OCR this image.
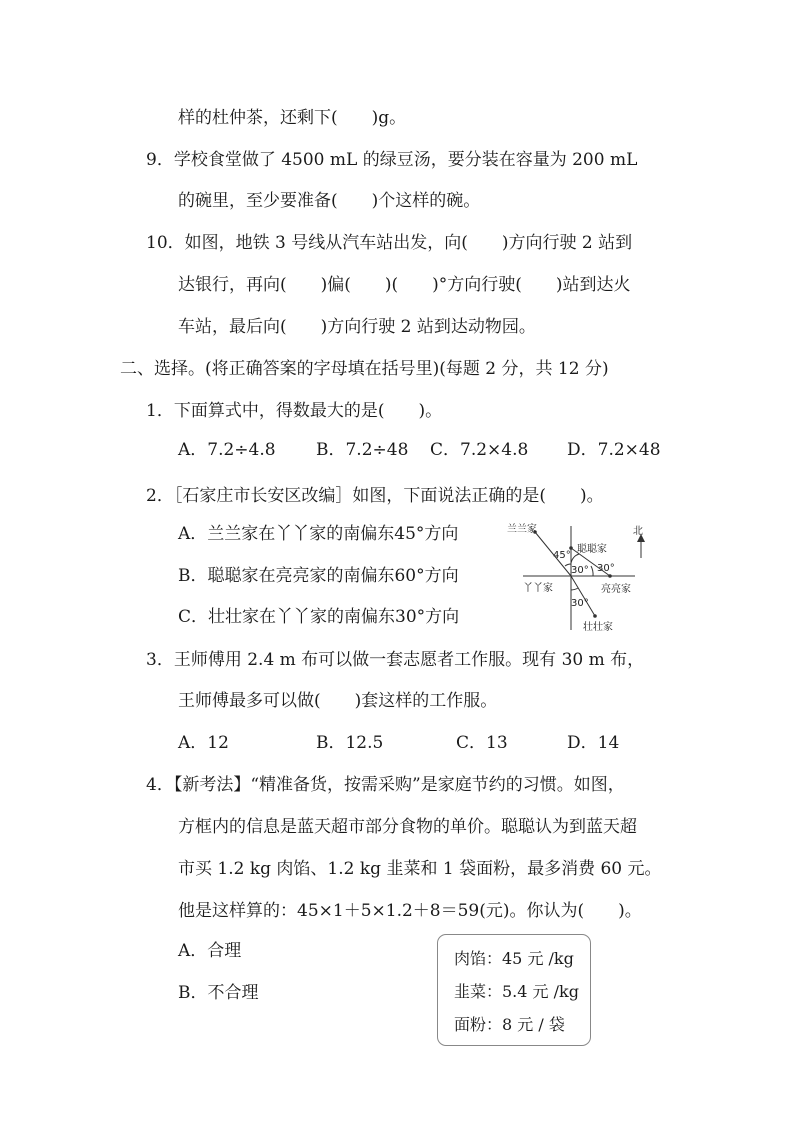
样的杜仲茶，还剩下(　　)g。
9．学校食堂做了 4500 mL 的绿豆汤，要分装在容量为 200 mL
的碗里，至少要准备(　　)个这样的碗。
10．如图，地铁 3 号线从汽车站出发，向(　　)方向行驶 2 站到
达银行，再向(　　)偏(　　)(　　)°方向行驶(　　)站到达火
车站，最后向(　　)方向行驶 2 站到达动物园。
二、选择。(将正确答案的字母填在括号里)(每题 2 分，共 12 分)
1．下面算式中，得数最大的是(　　)。
2．［石家庄市长安区改编］如图，下面说法正确的是(　　)。
A．兰兰家在丫丫家的南偏东45°方向
B．聪聪家在亮亮家的南偏东60°方向
C．壮壮家在丫丫家的南偏东30°方向
3．王师傅用 2.4 m 布可以做一套志愿者工作服。现有 30 m 布，
王师傅最多可以做(　　)套这样的工作服。
4．【新考法】“精准备货，按需采购”是家庭节约的习惯。如图，
方框内的信息是蓝天超市部分食物的单价。聪聪认为到蓝天超
市买 1.2 kg 肉馅、1.2 kg 韭菜和 1 袋面粉，最多消费 60 元。
他是这样算的：45×1＋5×1.2＋8＝59(元)。你认为(　　)。
A．合理
B．不合理
A．7.2÷4.8 B．7.2÷48 C．7.2×4.8 D．7.2×48
A．12	B．12.5	C．13	D．14
北
兰兰家
聪聪家
丫丫家	亮亮家
壮壮家
45°
30° 30°
30°
肉馅：45 元 /kg
韭菜：5.4 元 /kg
面粉：8 元 / 袋
